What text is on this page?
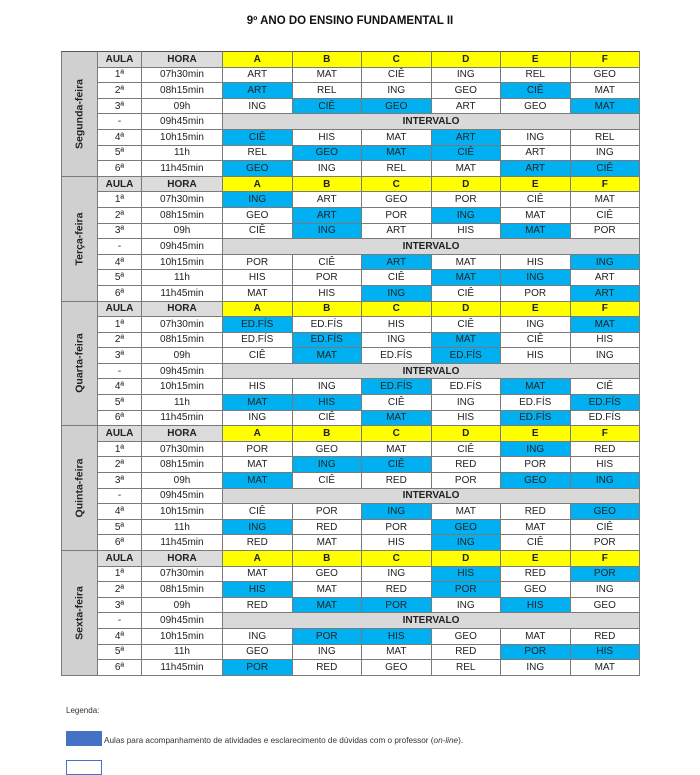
9º ANO DO ENSINO FUNDAMENTAL II
Segunda-feira	AULA	HORA	A	B	C	D	E	F
	1ª	07h30min	ART	MAT	CIÊ	ING	REL	GEO
	2ª	08h15min	ART	REL	ING	GEO	CIÊ	MAT
	3ª	09h	ING	CIÊ	GEO	ART	GEO	MAT
	-	09h45min	INTERVALO					
	4ª	10h15min	CIÊ	HIS	MAT	ART	ING	REL
	5ª	11h	REL	GEO	MAT	CIÊ	ART	ING
	6ª	11h45min	GEO	ING	REL	MAT	ART	CIÊ

Terça-feira	AULA	HORA	A	B	C	D	E	F
	1ª	07h30min	ING	ART	GEO	POR	CIÊ	MAT
	2ª	08h15min	GEO	ART	POR	ING	MAT	CIÊ
	3ª	09h	CIÊ	ING	ART	HIS	MAT	POR
	-	09h45min	INTERVALO					
	4ª	10h15min	POR	CIÊ	ART	MAT	HIS	ING
	5ª	11h	HIS	POR	CIÊ	MAT	ING	ART
	6ª	11h45min	MAT	HIS	ING	CIÊ	POR	ART

Quarta-feira	AULA	HORA	A	B	C	D	E	F
	1ª	07h30min	ED.FÍS	ED.FÍS	HIS	CIÊ	ING	MAT
	2ª	08h15min	ED.FÍS	ED.FÍS	ING	MAT	CIÊ	HIS
	3ª	09h	CIÊ	MAT	ED.FÍS	ED.FÍS	HIS	ING
	-	09h45min	INTERVALO					
	4ª	10h15min	HIS	ING	ED.FÍS	ED.FÍS	MAT	CIÊ
	5ª	11h	MAT	HIS	CIÊ	ING	ED.FÍS	ED.FÍS
	6ª	11h45min	ING	CIÊ	MAT	HIS	ED.FÍS	ED.FÍS

Quinta-feira	AULA	HORA	A	B	C	D	E	F
	1ª	07h30min	POR	GEO	MAT	CIÊ	ING	RED
	2ª	08h15min	MAT	ING	CIÊ	RED	POR	HIS
	3ª	09h	MAT	CIÊ	RED	POR	GEO	ING
	-	09h45min	INTERVALO					
	4ª	10h15min	CIÊ	POR	ING	MAT	RED	GEO
	5ª	11h	ING	RED	POR	GEO	MAT	CIÊ
	6ª	11h45min	RED	MAT	HIS	ING	CIÊ	POR

Sexta-feira	AULA	HORA	A	B	C	D	E	F
	1ª	07h30min	MAT	GEO	ING	HIS	RED	POR
	2ª	08h15min	HIS	MAT	RED	POR	GEO	ING
	3ª	09h	RED	MAT	POR	ING	HIS	GEO
	-	09h45min	INTERVALO					
	4ª	10h15min	ING	POR	HIS	GEO	MAT	RED
	5ª	11h	GEO	ING	MAT	RED	POR	HIS
	6ª	11h45min	POR	RED	GEO	REL	ING	MAT
Legenda:
Aulas para acompanhamento de atividades e esclarecimento de dúvidas com o professor (on-line).
